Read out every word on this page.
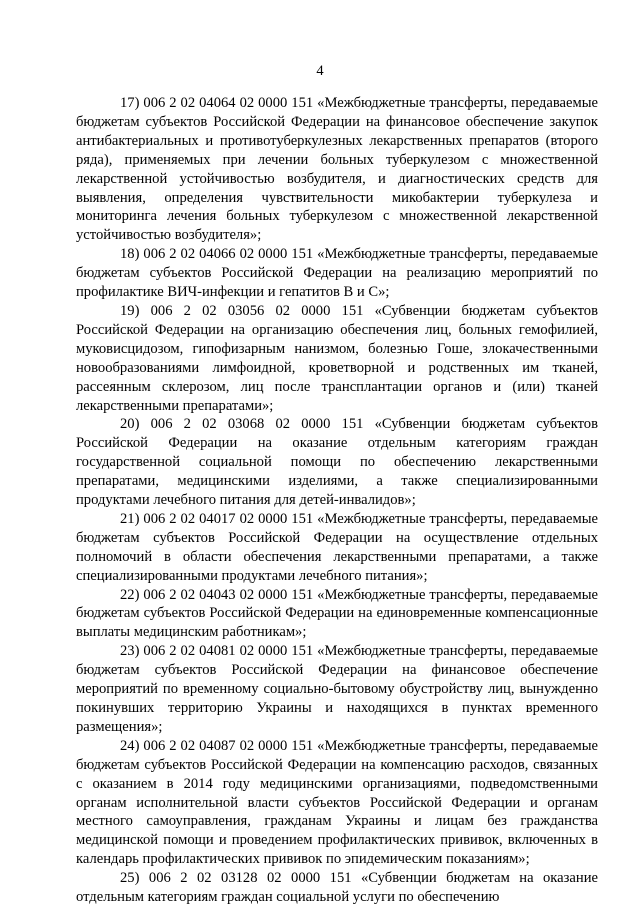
4

17) 006 2 02 04064 02 0000 151 «Межбюджетные трансферты, передаваемые бюджетам субъектов Российской Федерации на финансовое обеспечение закупок антибактериальных и противотуберкулезных лекарственных препаратов (второго ряда), применяемых при лечении больных туберкулезом с множественной лекарственной устойчивостью возбудителя, и диагностических средств для выявления, определения чувствительности микобактерии туберкулеза и мониторинга лечения больных туберкулезом с множественной лекарственной устойчивостью возбудителя»;

18) 006 2 02 04066 02 0000 151 «Межбюджетные трансферты, передаваемые бюджетам субъектов Российской Федерации на реализацию мероприятий по профилактике ВИЧ-инфекции и гепатитов В и С»;

19) 006 2 02 03056 02 0000 151 «Субвенции бюджетам субъектов Российской Федерации на организацию обеспечения лиц, больных гемофилией, муковисцидозом, гипофизарным нанизмом, болезнью Гоше, злокачественными новообразованиями лимфоидной, кроветворной и родственных им тканей, рассеянным склерозом, лиц после трансплантации органов и (или) тканей лекарственными препаратами»;

20) 006 2 02 03068 02 0000 151 «Субвенции бюджетам субъектов Российской Федерации на оказание отдельным категориям граждан государственной социальной помощи по обеспечению лекарственными препаратами, медицинскими изделиями, а также специализированными продуктами лечебного питания для детей-инвалидов»;

21) 006 2 02 04017 02 0000 151 «Межбюджетные трансферты, передаваемые бюджетам субъектов Российской Федерации на осуществление отдельных полномочий в области обеспечения лекарственными препаратами, а также специализированными продуктами лечебного питания»;

22) 006 2 02 04043 02 0000 151 «Межбюджетные трансферты, передаваемые бюджетам субъектов Российской Федерации на единовременные компенсационные выплаты медицинским работникам»;

23) 006 2 02 04081 02 0000 151 «Межбюджетные трансферты, передаваемые бюджетам субъектов Российской Федерации на финансовое обеспечение мероприятий по временному социально-бытовому обустройству лиц, вынужденно покинувших территорию Украины и находящихся в пунктах временного размещения»;

24) 006 2 02 04087 02 0000 151 «Межбюджетные трансферты, передаваемые бюджетам субъектов Российской Федерации на компенсацию расходов, связанных с оказанием в 2014 году медицинскими организациями, подведомственными органам исполнительной власти субъектов Российской Федерации и органам местного самоуправления, гражданам Украины и лицам без гражданства медицинской помощи и проведением профилактических прививок, включенных в календарь профилактических прививок по эпидемическим показаниям»;

25) 006 2 02 03128 02 0000 151 «Субвенции бюджетам на оказание отдельным категориям граждан социальной услуги по обеспечению
